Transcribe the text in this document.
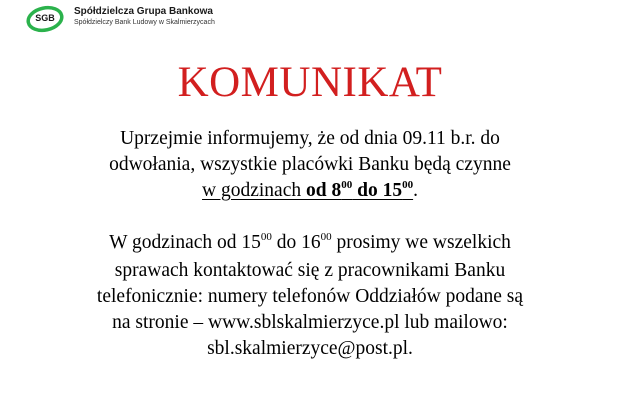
SGB
Spółdzielcza Grupa Bankowa
Spółdzielczy Bank Ludowy w Skalmierzycach
KOMUNIKAT
Uprzejmie informujemy, że od dnia 09.11 b.r. do
odwołania, wszystkie placówki Banku będą czynne
w godzinach od $8^{00}$ do $15^{00}$.
W godzinach od $15^{00}$ do $16^{00}$ prosimy we wszelkich
sprawach kontaktować się z pracownikami Banku
telefonicznie: numery telefonów Oddziałów podane są
na stronie – www.sblskalmierzyce.pl lub mailowo:
sbl.skalmierzyce@post.pl.
